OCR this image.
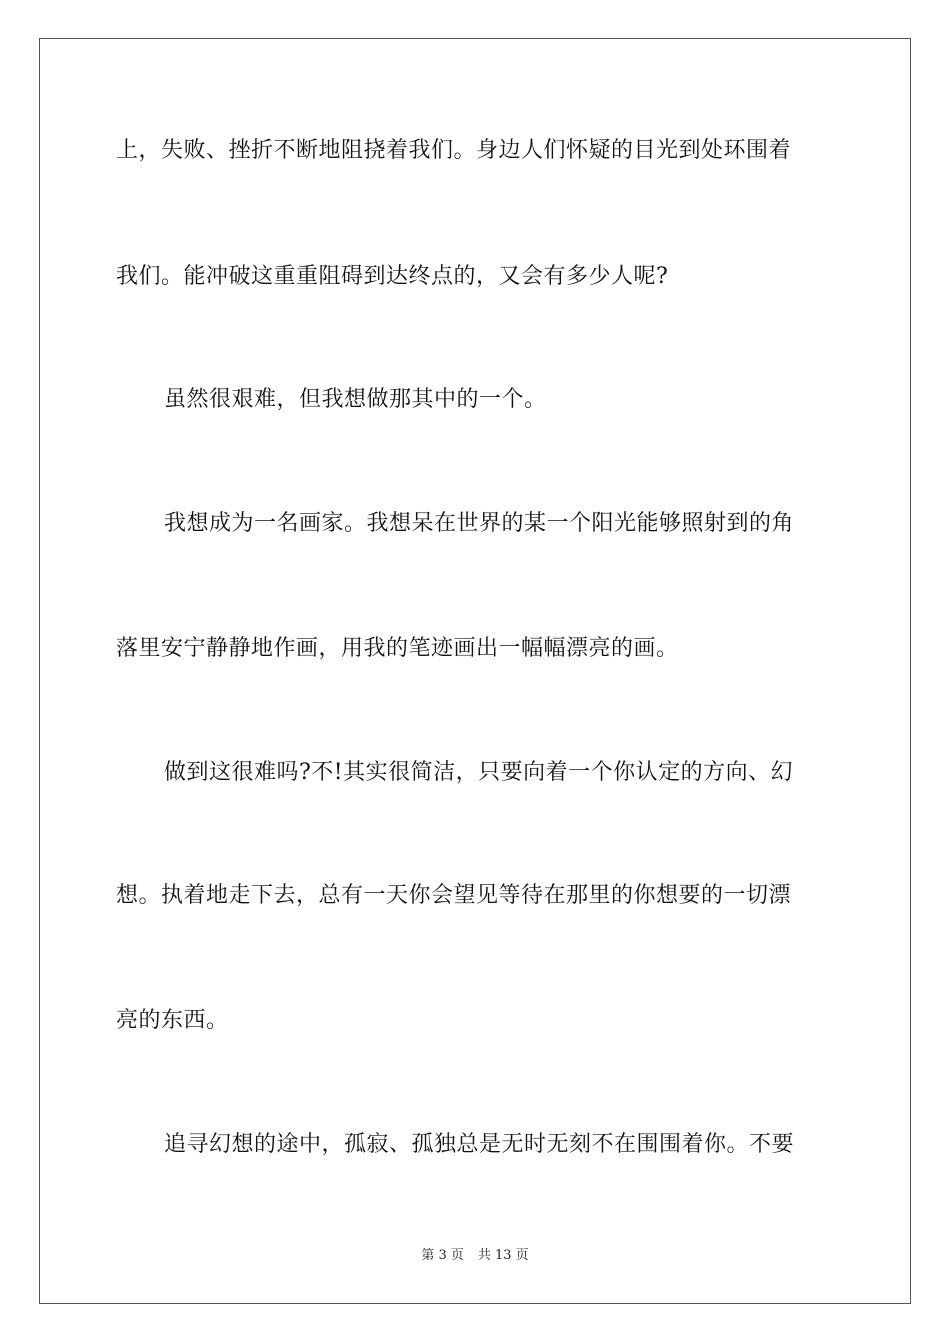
上，失败、挫折不断地阻挠着我们。身边人们怀疑的目光到处环围着
我们。能冲破这重重阻碍到达终点的，又会有多少人呢?
虽然很艰难，但我想做那其中的一个。
我想成为一名画家。我想呆在世界的某一个阳光能够照射到的角
落里安宁静静地作画，用我的笔迹画出一幅幅漂亮的画。
做到这很难吗?不!其实很简洁，只要向着一个你认定的方向、幻
想。执着地走下去，总有一天你会望见等待在那里的你想要的一切漂
亮的东西。
追寻幻想的途中，孤寂、孤独总是无时无刻不在围围着你。不要
第 3 页 共 13 页
